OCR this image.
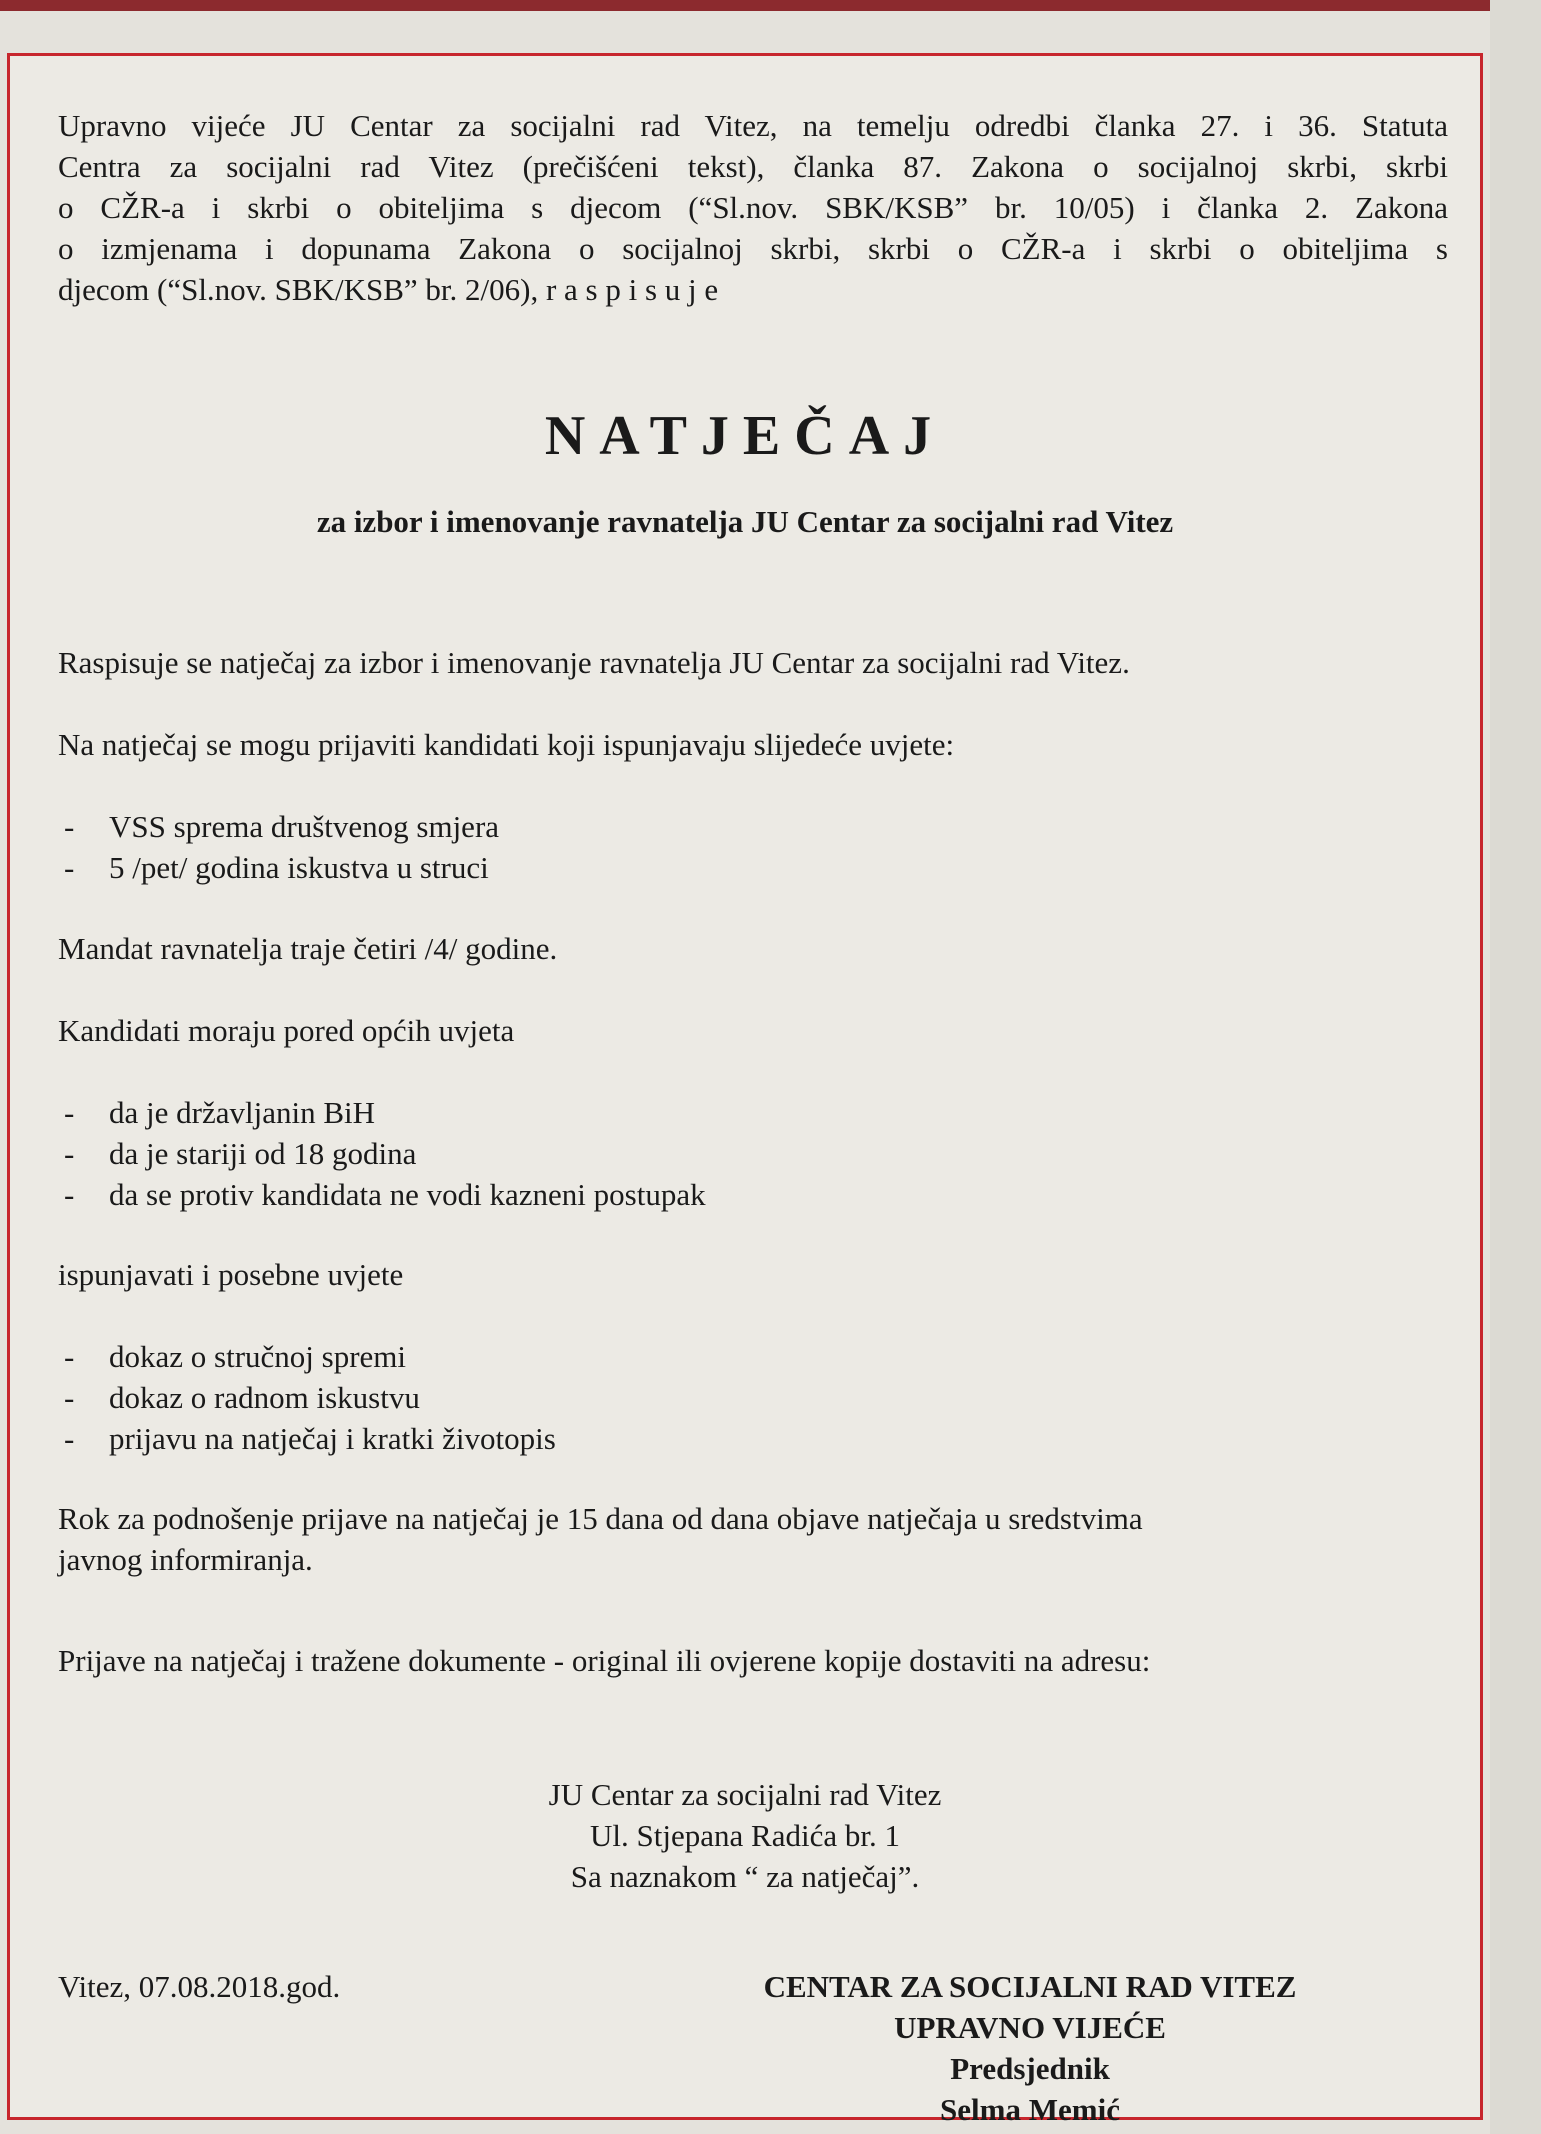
Upravno vijeće JU Centar za socijalni rad Vitez, na temelju odredbi članka 27. i 36. Statuta
Centra za socijalni rad Vitez (prečišćeni tekst), članka 87. Zakona o socijalnoj skrbi, skrbi
o CŽR-a i skrbi o obiteljima s djecom (“Sl.nov. SBK/KSB” br. 10/05) i članka 2. Zakona
o izmjenama i dopunama Zakona o socijalnoj skrbi, skrbi o CŽR-a i skrbi o obiteljima s
djecom (“Sl.nov. SBK/KSB” br. 2/06), r a s p i s u j e

NATJEČAJ
za izbor i imenovanje ravnatelja JU Centar za socijalni rad Vitez

Raspisuje se natječaj za izbor i imenovanje ravnatelja JU Centar za socijalni rad Vitez.

Na natječaj se mogu prijaviti kandidati koji ispunjavaju slijedeće uvjete:

- VSS sprema društvenog smjera
- 5 /pet/ godina iskustva u struci

Mandat ravnatelja traje četiri /4/ godine.

Kandidati moraju pored općih uvjeta

- da je državljanin BiH
- da je stariji od 18 godina
- da se protiv kandidata ne vodi kazneni postupak

ispunjavati i posebne uvjete

- dokaz o stručnoj spremi
- dokaz o radnom iskustvu
- prijavu na natječaj i kratki životopis

Rok za podnošenje prijave na natječaj je 15 dana od dana objave natječaja u sredstvima
javnog informiranja.

Prijave na natječaj i tražene dokumente - original ili ovjerene kopije dostaviti na adresu:

JU Centar za socijalni rad Vitez
Ul. Stjepana Radića br. 1
Sa naznakom “ za natječaj”.

Vitez, 07.08.2018.god.	CENTAR ZA SOCIJALNI RAD VITEZ
UPRAVNO VIJEĆE
Predsjednik
Selma Memić
